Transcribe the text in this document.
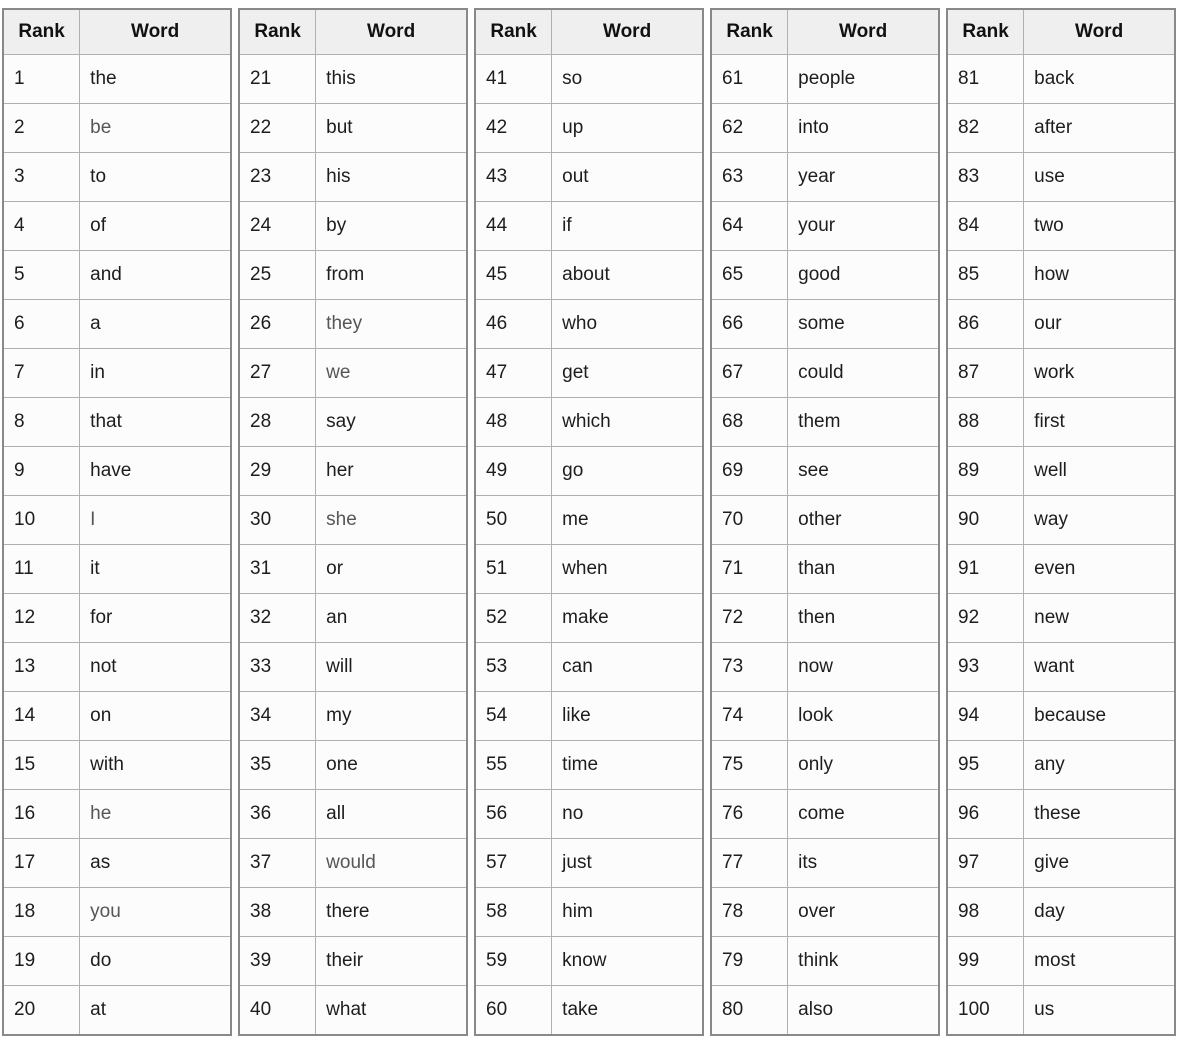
Rank	Word
1	the
2	be
3	to
4	of
5	and
6	a
7	in
8	that
9	have
10	I
11	it
12	for
13	not
14	on
15	with
16	he
17	as
18	you
19	do
20	at
Rank	Word
21	this
22	but
23	his
24	by
25	from
26	they
27	we
28	say
29	her
30	she
31	or
32	an
33	will
34	my
35	one
36	all
37	would
38	there
39	their
40	what
Rank	Word
41	so
42	up
43	out
44	if
45	about
46	who
47	get
48	which
49	go
50	me
51	when
52	make
53	can
54	like
55	time
56	no
57	just
58	him
59	know
60	take
Rank	Word
61	people
62	into
63	year
64	your
65	good
66	some
67	could
68	them
69	see
70	other
71	than
72	then
73	now
74	look
75	only
76	come
77	its
78	over
79	think
80	also
Rank	Word
81	back
82	after
83	use
84	two
85	how
86	our
87	work
88	first
89	well
90	way
91	even
92	new
93	want
94	because
95	any
96	these
97	give
98	day
99	most
100	us
